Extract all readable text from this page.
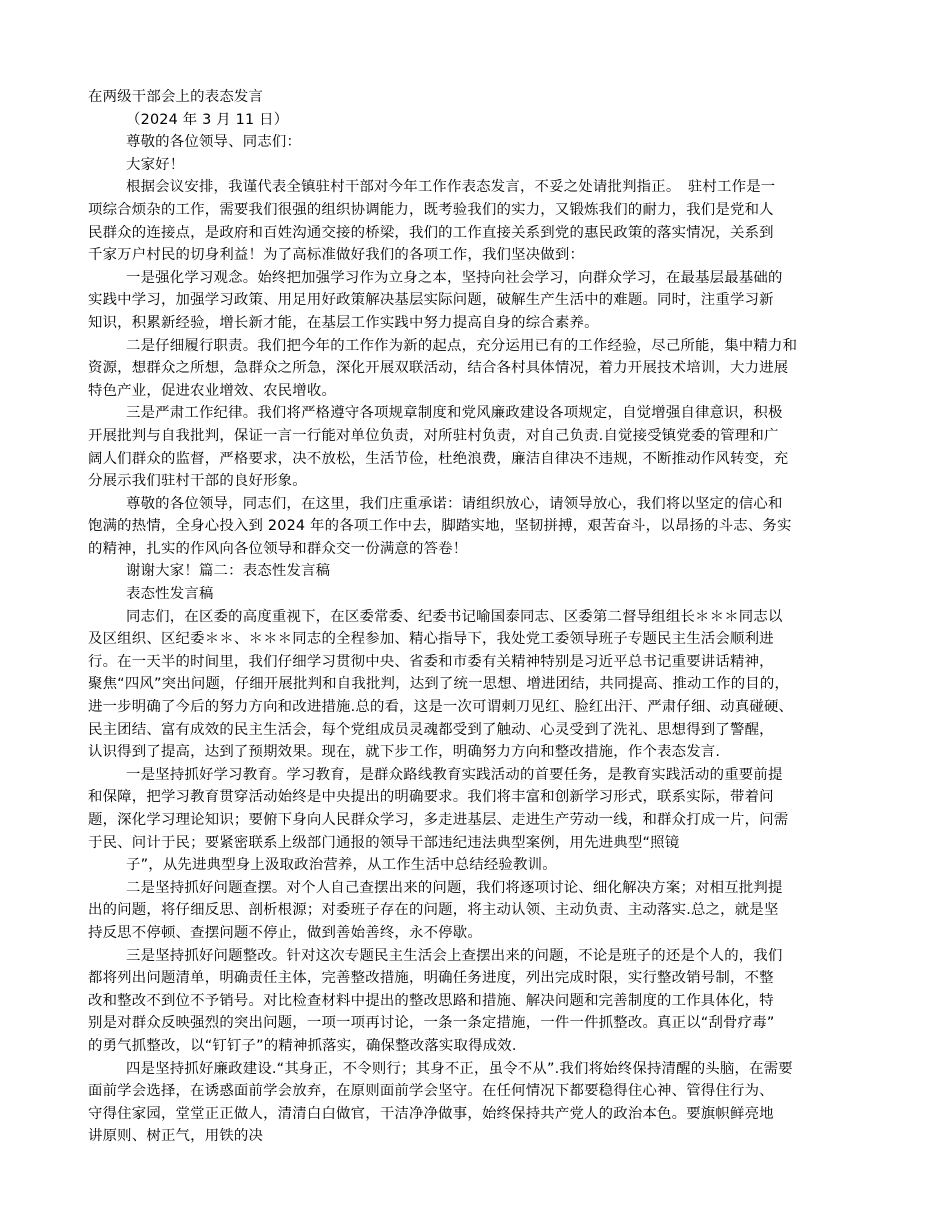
在两级干部会上的表态发言
（2024 年 3 月 11 日）
尊敬的各位领导、同志们：
大家好！
根据会议安排，我谨代表全镇驻村干部对今年工作作表态发言，不妥之处请批判指正。　驻村工作是一
项综合烦杂的工作，需要我们很强的组织协调能力，既考验我们的实力，又锻炼我们的耐力，我们是党和人
民群众的连接点，是政府和百姓沟通交接的桥梁，我们的工作直接关系到党的惠民政策的落实情况，关系到
千家万户村民的切身利益！为了高标准做好我们的各项工作，我们坚决做到：
一是强化学习观念。始终把加强学习作为立身之本，坚持向社会学习，向群众学习，在最基层最基础的
实践中学习，加强学习政策、用足用好政策解决基层实际问题，破解生产生活中的难题。同时，注重学习新
知识，积累新经验，增长新才能，在基层工作实践中努力提高自身的综合素养。
二是仔细履行职责。我们把今年的工作作为新的起点，充分运用已有的工作经验，尽己所能，集中精力和
资源，想群众之所想，急群众之所急，深化开展双联活动，结合各村具体情况，着力开展技术培训，大力进展
特色产业，促进农业增效、农民增收。
三是严肃工作纪律。我们将严格遵守各项规章制度和党风廉政建设各项规定，自觉增强自律意识，积极
开展批判与自我批判，保证一言一行能对单位负责，对所驻村负责，对自己负责.自觉接受镇党委的管理和广
阔人们群众的监督，严格要求，决不放松，生活节俭，杜绝浪费，廉洁自律决不违规，不断推动作风转变，充
分展示我们驻村干部的良好形象。
尊敬的各位领导，同志们，在这里，我们庄重承诺：请组织放心，请领导放心，我们将以坚定的信心和
饱满的热情，全身心投入到 2024 年的各项工作中去，脚踏实地，坚韧拼搏，艰苦奋斗，以昂扬的斗志、务实
的精神，扎实的作风向各位领导和群众交一份满意的答卷！
谢谢大家！篇二：表态性发言稿
表态性发言稿
同志们，在区委的高度重视下，在区委常委、纪委书记喻国泰同志、区委第二督导组组长＊＊＊同志以
及区组织、区纪委＊＊、＊＊＊同志的全程参加、精心指导下，我处党工委领导班子专题民主生活会顺利进
行。在一天半的时间里，我们仔细学习贯彻中央、省委和市委有关精神特别是习近平总书记重要讲话精神，
聚焦“四风”突出问题，仔细开展批判和自我批判，达到了统一思想、增进团结，共同提高、推动工作的目的，
进一步明确了今后的努力方向和改进措施.总的看，这是一次可谓刺刀见红、脸红出汗、严肃仔细、动真碰硬、
民主团结、富有成效的民主生活会，每个党组成员灵魂都受到了触动、心灵受到了洗礼、思想得到了警醒，
认识得到了提高，达到了预期效果。现在，就下步工作，明确努力方向和整改措施，作个表态发言.
一是坚持抓好学习教育。学习教育，是群众路线教育实践活动的首要任务，是教育实践活动的重要前提
和保障，把学习教育贯穿活动始终是中央提出的明确要求。我们将丰富和创新学习形式，联系实际，带着问
题，深化学习理论知识；要俯下身向人民群众学习，多走进基层、走进生产劳动一线，和群众打成一片，问需
于民、问计于民；要紧密联系上级部门通报的领导干部违纪违法典型案例，用先进典型“照镜
子”，从先进典型身上汲取政治营养，从工作生活中总结经验教训。
二是坚持抓好问题查摆。对个人自己查摆出来的问题，我们将逐项讨论、细化解决方案；对相互批判提
出的问题，将仔细反思、剖析根源；对委班子存在的问题，将主动认领、主动负责、主动落实.总之，就是坚
持反思不停顿、查摆问题不停止，做到善始善终，永不停歇。
三是坚持抓好问题整改。针对这次专题民主生活会上查摆出来的问题，不论是班子的还是个人的，我们
都将列出问题清单，明确责任主体，完善整改措施，明确任务进度，列出完成时限，实行整改销号制，不整
改和整改不到位不予销号。对比检查材料中提出的整改思路和措施、解决问题和完善制度的工作具体化，特
别是对群众反映强烈的突出问题，一项一项再讨论，一条一条定措施，一件一件抓整改。真正以“刮骨疗毒”
的勇气抓整改，以“钉钉子”的精神抓落实，确保整改落实取得成效.
四是坚持抓好廉政建设.“其身正，不令则行；其身不正，虽令不从”.我们将始终保持清醒的头脑，在需要
面前学会选择，在诱惑面前学会放弃，在原则面前学会坚守。在任何情况下都要稳得住心神、管得住行为、
守得住家园，堂堂正正做人，清清白白做官，干洁净净做事，始终保持共产党人的政治本色。要旗帜鲜亮地
讲原则、树正气，用铁的决
